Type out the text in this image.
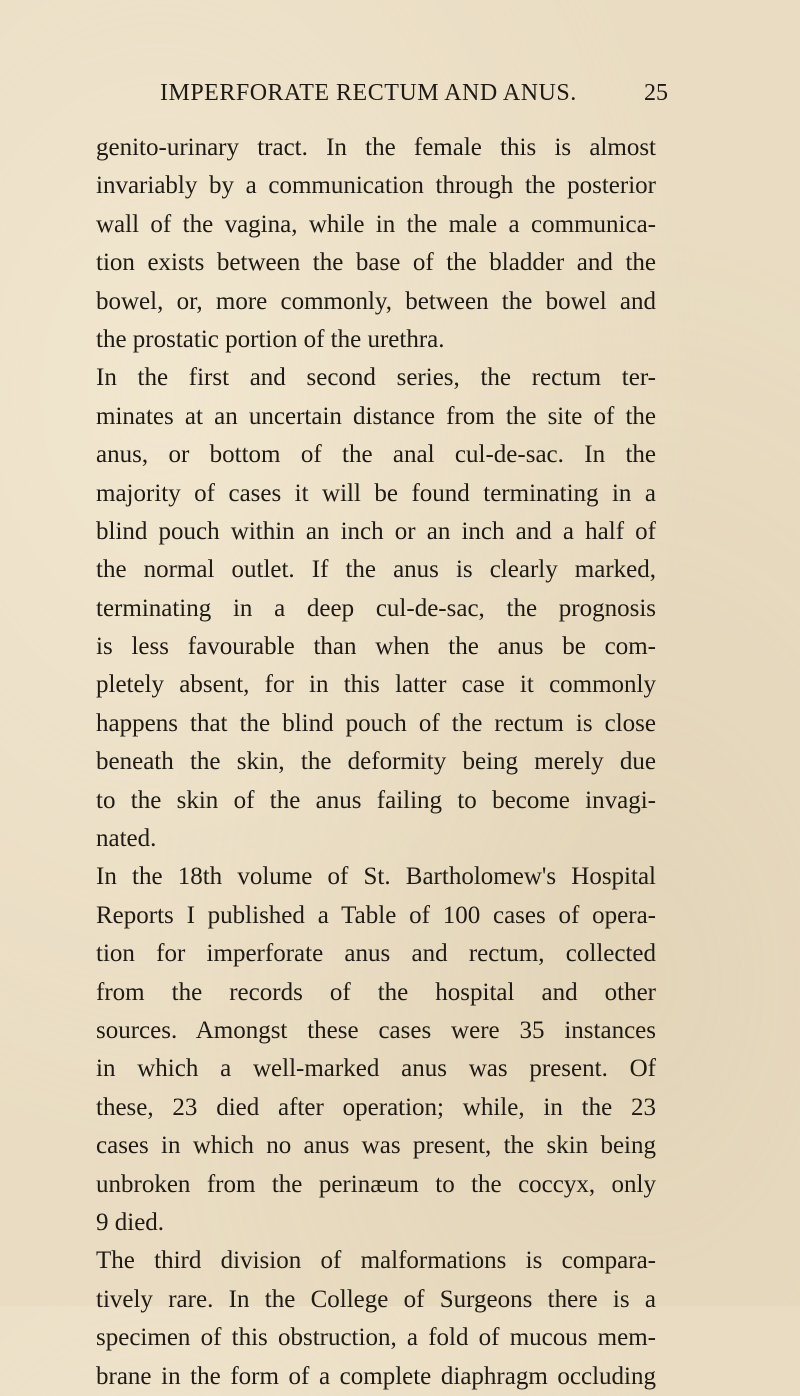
IMPERFORATE RECTUM AND ANUS.	25
genito-urinary tract. In the female this is almost
invariably by a communication through the posterior
wall of the vagina, while in the male a communica-
tion exists between the base of the bladder and the
bowel, or, more commonly, between the bowel and
the prostatic portion of the urethra.
In the first and second series, the rectum ter-
minates at an uncertain distance from the site of the
anus, or bottom of the anal cul-de-sac. In the
majority of cases it will be found terminating in a
blind pouch within an inch or an inch and a half of
the normal outlet. If the anus is clearly marked,
terminating in a deep cul-de-sac, the prognosis
is less favourable than when the anus be com-
pletely absent, for in this latter case it commonly
happens that the blind pouch of the rectum is close
beneath the skin, the deformity being merely due
to the skin of the anus failing to become invagi-
nated.
In the 18th volume of St. Bartholomew's Hospital
Reports I published a Table of 100 cases of opera-
tion for imperforate anus and rectum, collected
from the records of the hospital and other
sources. Amongst these cases were 35 instances
in which a well-marked anus was present. Of
these, 23 died after operation; while, in the 23
cases in which no anus was present, the skin being
unbroken from the perinæum to the coccyx, only
9 died.
The third division of malformations is compara-
tively rare. In the College of Surgeons there is a
specimen of this obstruction, a fold of mucous mem-
brane in the form of a complete diaphragm occluding
